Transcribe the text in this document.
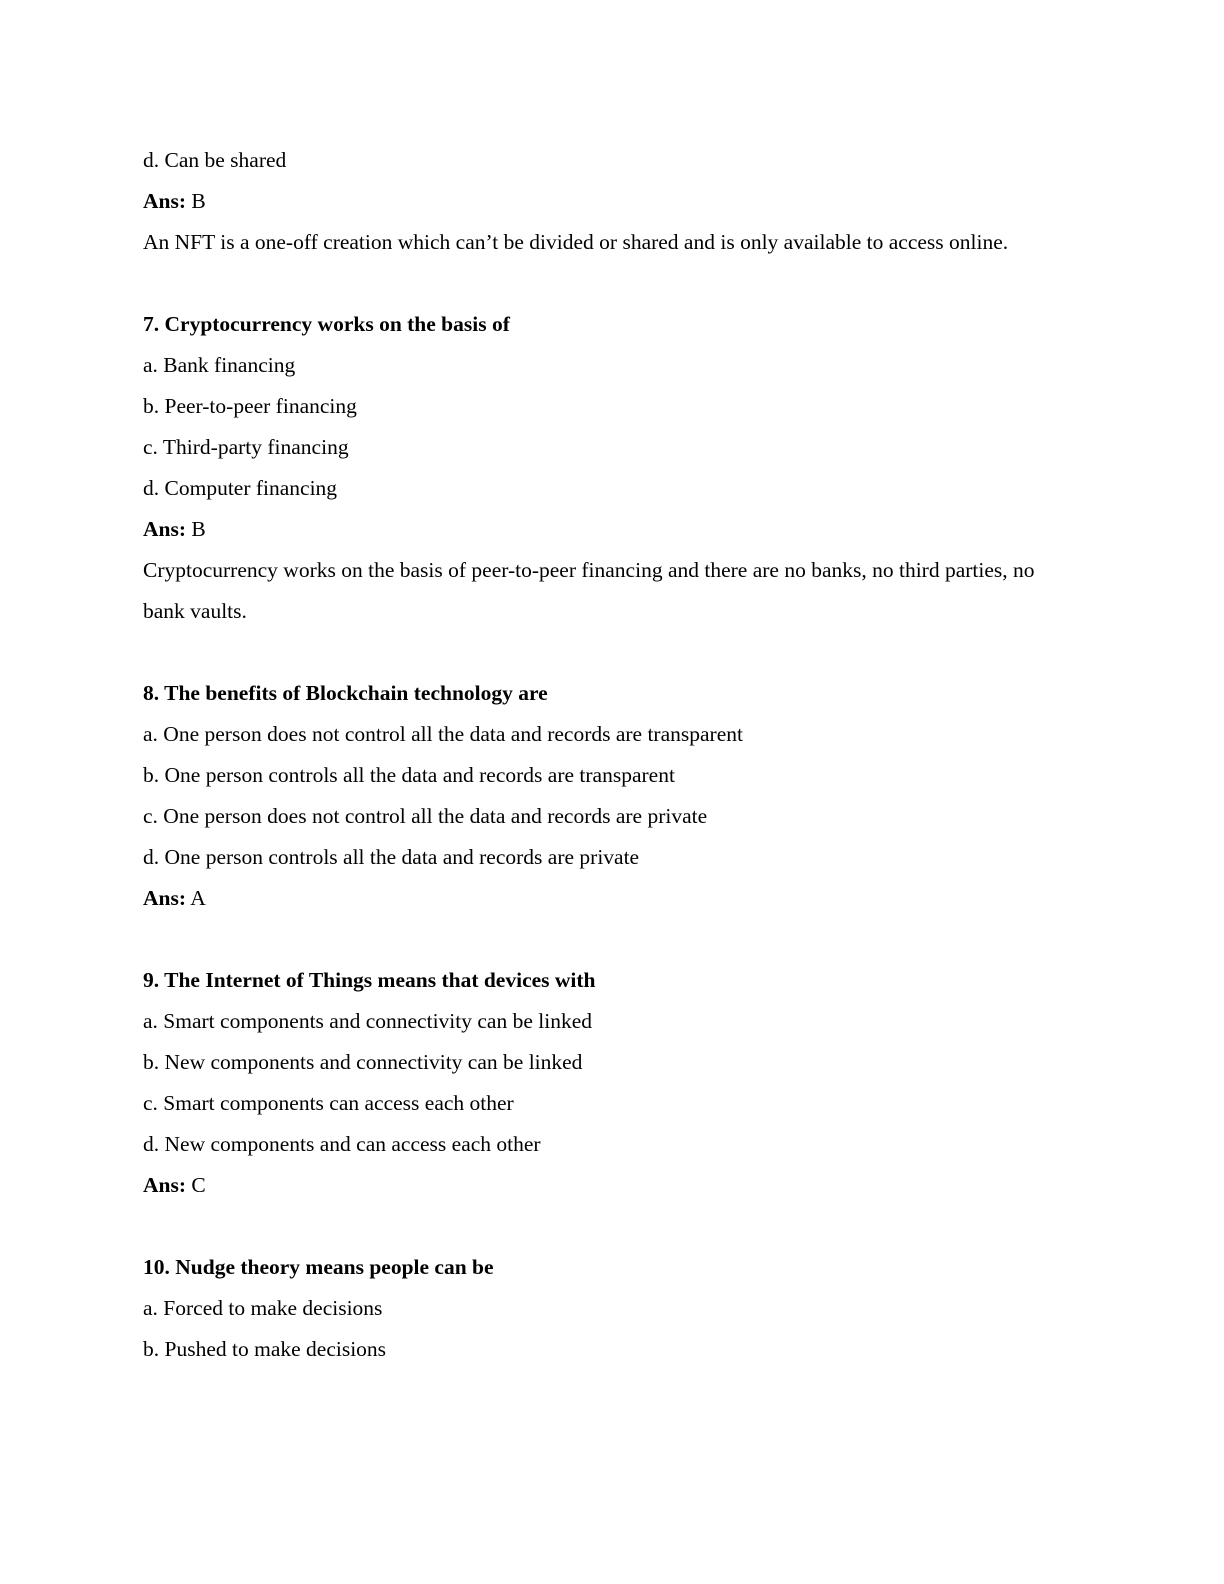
d. Can be shared
Ans: B
An NFT is a one-off creation which can’t be divided or shared and is only available to access online.
7. Cryptocurrency works on the basis of
a. Bank financing
b. Peer-to-peer financing
c. Third-party financing
d. Computer financing
Ans: B
Cryptocurrency works on the basis of peer-to-peer financing and there are no banks, no third parties, no bank vaults.
8. The benefits of Blockchain technology are
a. One person does not control all the data and records are transparent
b. One person controls all the data and records are transparent
c. One person does not control all the data and records are private
d. One person controls all the data and records are private
Ans: A
9. The Internet of Things means that devices with
a. Smart components and connectivity can be linked
b. New components and connectivity can be linked
c. Smart components can access each other
d. New components and can access each other
Ans: C
10. Nudge theory means people can be
a. Forced to make decisions
b. Pushed to make decisions
